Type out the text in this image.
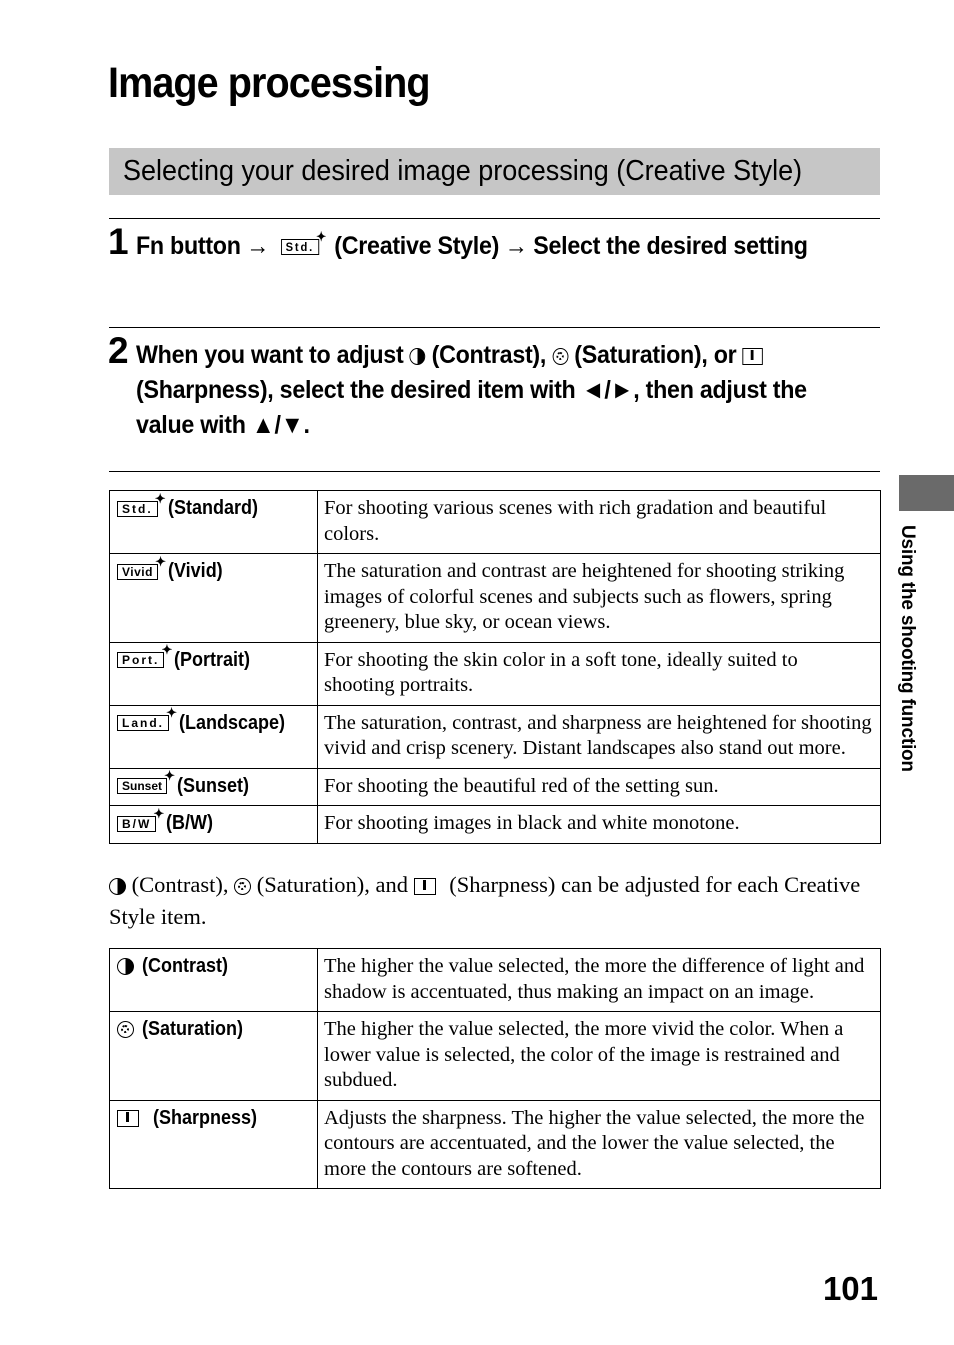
Image processing
Selecting your desired image processing (Creative Style)
1 Fn button → Std.
✦ (Creative Style) → Select the desired setting
2 When you want to adjust (Contrast), (Saturation), or  (Sharpness), select the desired item with ◄/►, then adjust the value with ▲/▼.
Std.
✦ (Standard)	For shooting various scenes with rich gradation and beautiful colors.
Vivid
✦ (Vivid)	The saturation and contrast are heightened for shooting striking images of colorful scenes and subjects such as flowers, spring greenery, blue sky, or ocean views.
Port.
✦ (Portrait)	For shooting the skin color in a soft tone, ideally suited to shooting portraits.
Land.
✦ (Landscape)	The saturation, contrast, and sharpness are heightened for shooting vivid and crisp scenery. Distant landscapes also stand out more.
Sunset
✦ (Sunset)	For shooting the beautiful red of the setting sun.
B/W
✦ (B/W)	For shooting images in black and white monotone.
(Contrast), (Saturation), and (Sharpness) can be adjusted for each Creative Style item.
(Contrast)	The higher the value selected, the more the difference of light and shadow is accentuated, thus making an impact on an image.
(Saturation)	The higher the value selected, the more vivid the color. When a lower value is selected, the color of the image is restrained and subdued.
(Sharpness)	Adjusts the sharpness. The higher the value selected, the more the contours are accentuated, and the lower the value selected, the more the contours are softened.
Using the shooting function
101
